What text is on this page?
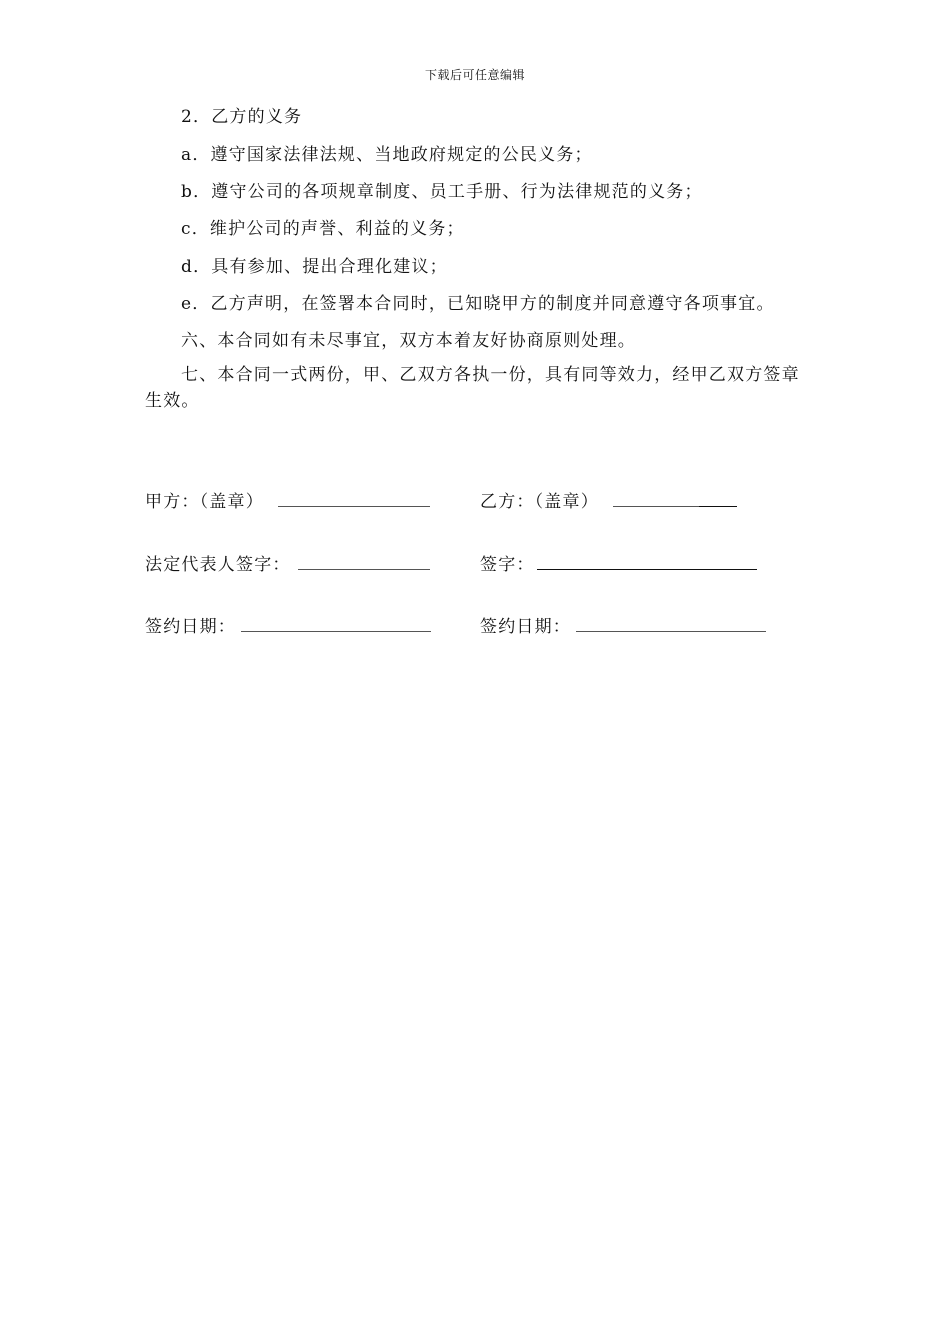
下载后可任意编辑
2．乙方的义务
a．遵守国家法律法规、当地政府规定的公民义务；
b．遵守公司的各项规章制度、员工手册、行为法律规范的义务；
c．维护公司的声誉、利益的义务；
d．具有参加、提出合理化建议；
e．乙方声明，在签署本合同时，已知晓甲方的制度并同意遵守各项事宜。
六、本合同如有未尽事宜，双方本着友好协商原则处理。
七、本合同一式两份，甲、乙双方各执一份，具有同等效力，经甲乙双方签章生效。
甲方：（盖章）	乙方：（盖章）
法定代表人签字：	签字：
签约日期：	签约日期：
